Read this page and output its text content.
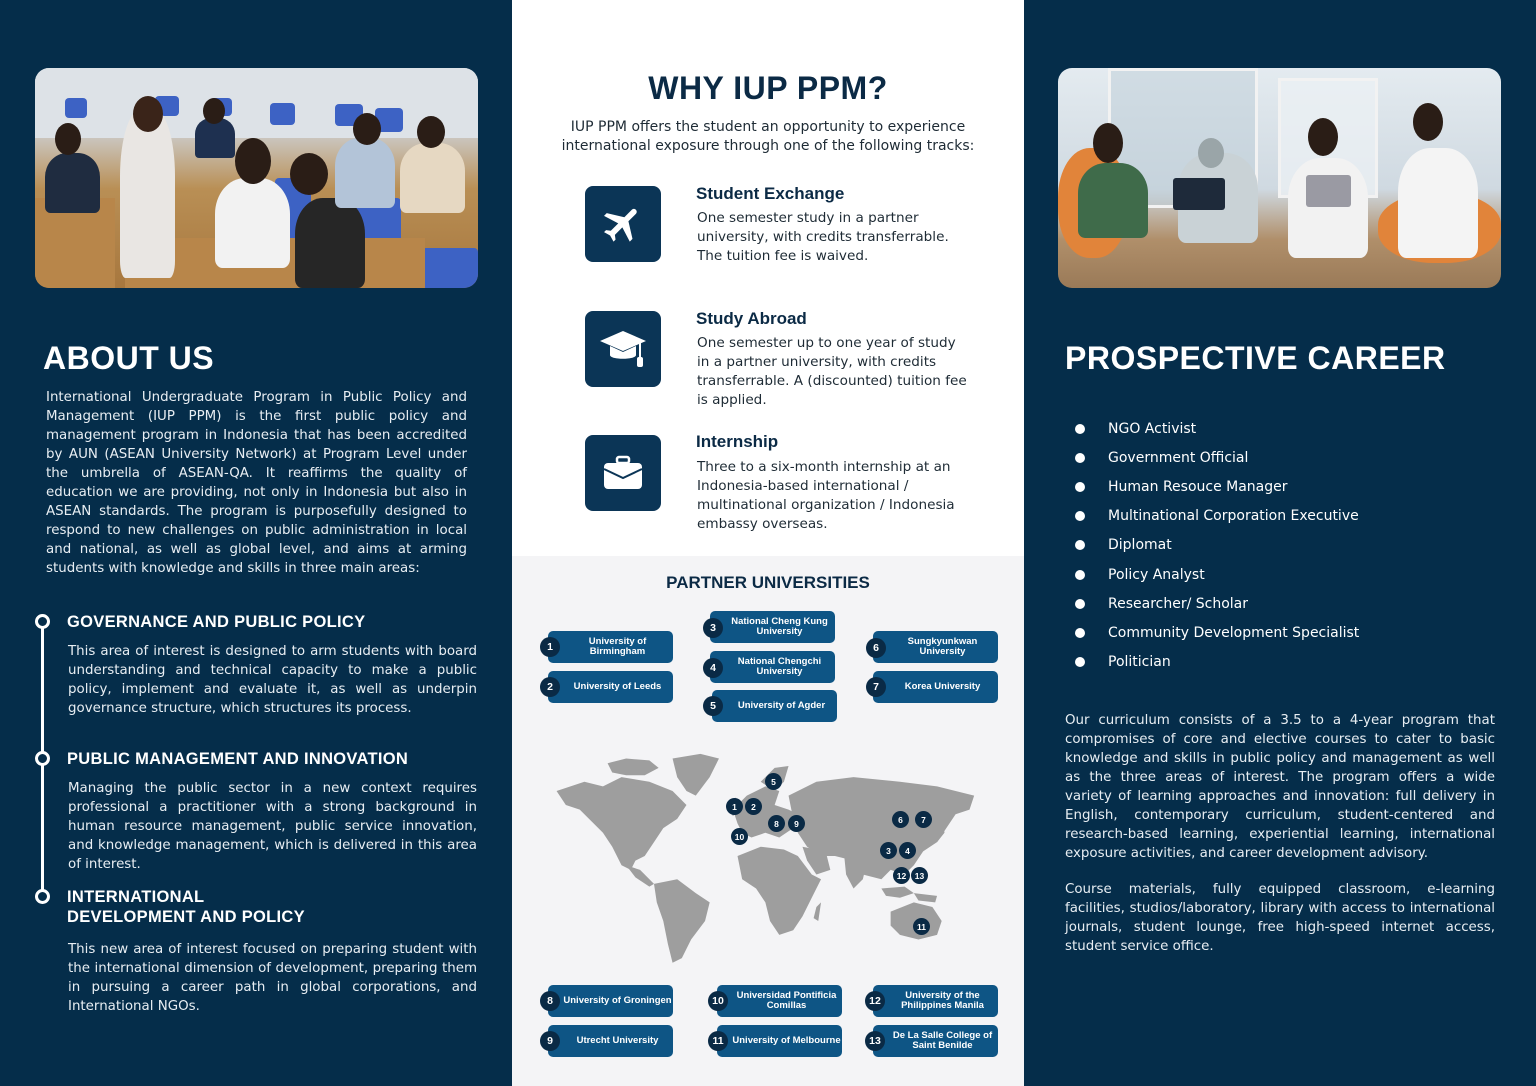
ABOUT US

International Undergraduate Program in Public Policy and Management (IUP PPM) is the first public policy and management program in Indonesia that has been accredited by AUN (ASEAN University Network) at Program Level under the umbrella of ASEAN-QA. It reaffirms the quality of education we are providing, not only in Indonesia but also in ASEAN standards. The program is purposefully designed to respond to new challenges on public administration in local and national, as well as global level, and aims at arming students with knowledge and skills in three main areas:

GOVERNANCE AND PUBLIC POLICY

This area of interest is designed to arm students with board understanding and technical capacity to make a public policy, implement and evaluate it, as well as underpin governance structure, which structures its process.

PUBLIC MANAGEMENT AND INNOVATION

Managing the public sector in a new context requires professional a practitioner with a strong background in human resource management, public service innovation, and knowledge management, which is delivered in this area of interest.

INTERNATIONAL
DEVELOPMENT AND POLICY

This new area of interest focused on preparing student with the international dimension of development, preparing them in pursuing a career path in global corporations, and International NGOs.

WHY IUP PPM?

IUP PPM offers the student an opportunity to experience international exposure through one of the following tracks:

Student Exchange

One semester study in a partner university, with credits transferrable. The tuition fee is waived.

Study Abroad

One semester up to one year of study in a partner university, with credits transferrable. A (discounted) tuition fee is applied.

Internship

Three to a six-month internship at an Indonesia-based international / multinational organization / Indonesia embassy overseas.

PARTNER UNIVERSITIES
University of Birmingham
1
University of Leeds
2
National Cheng Kung University
3
National Chengchi University
4
University of Agder
5
Sungkyunkwan University
6
Korea University
7
5
1	2
8	9
10
6	7
3	4
12	13
11
University of Groningen
8
Utrecht University
9
Universidad Pontificia Comillas
10
University of Melbourne
11
University of the Philippines Manila
12
De La Salle College of Saint Benilde
13
PROSPECTIVE CAREER
NGO Activist
Government Official
Human Resouce Manager
Multinational Corporation Executive
Diplomat
Policy Analyst
Researcher/ Scholar
Community Development Specialist
Politician

Our curriculum consists of a 3.5 to a 4-year program that compromises of core and elective courses to cater to basic knowledge and skills in public policy and management as well as the three areas of interest. The program offers a wide variety of learning approaches and innovation: full delivery in English, contemporary curriculum, student-centered and research-based learning, experiential learning, international exposure activities, and career development advisory.

Course materials, fully equipped classroom, e-learning facilities, studios/laboratory, library with access to international journals, student lounge, free high-speed internet access, student service office.
